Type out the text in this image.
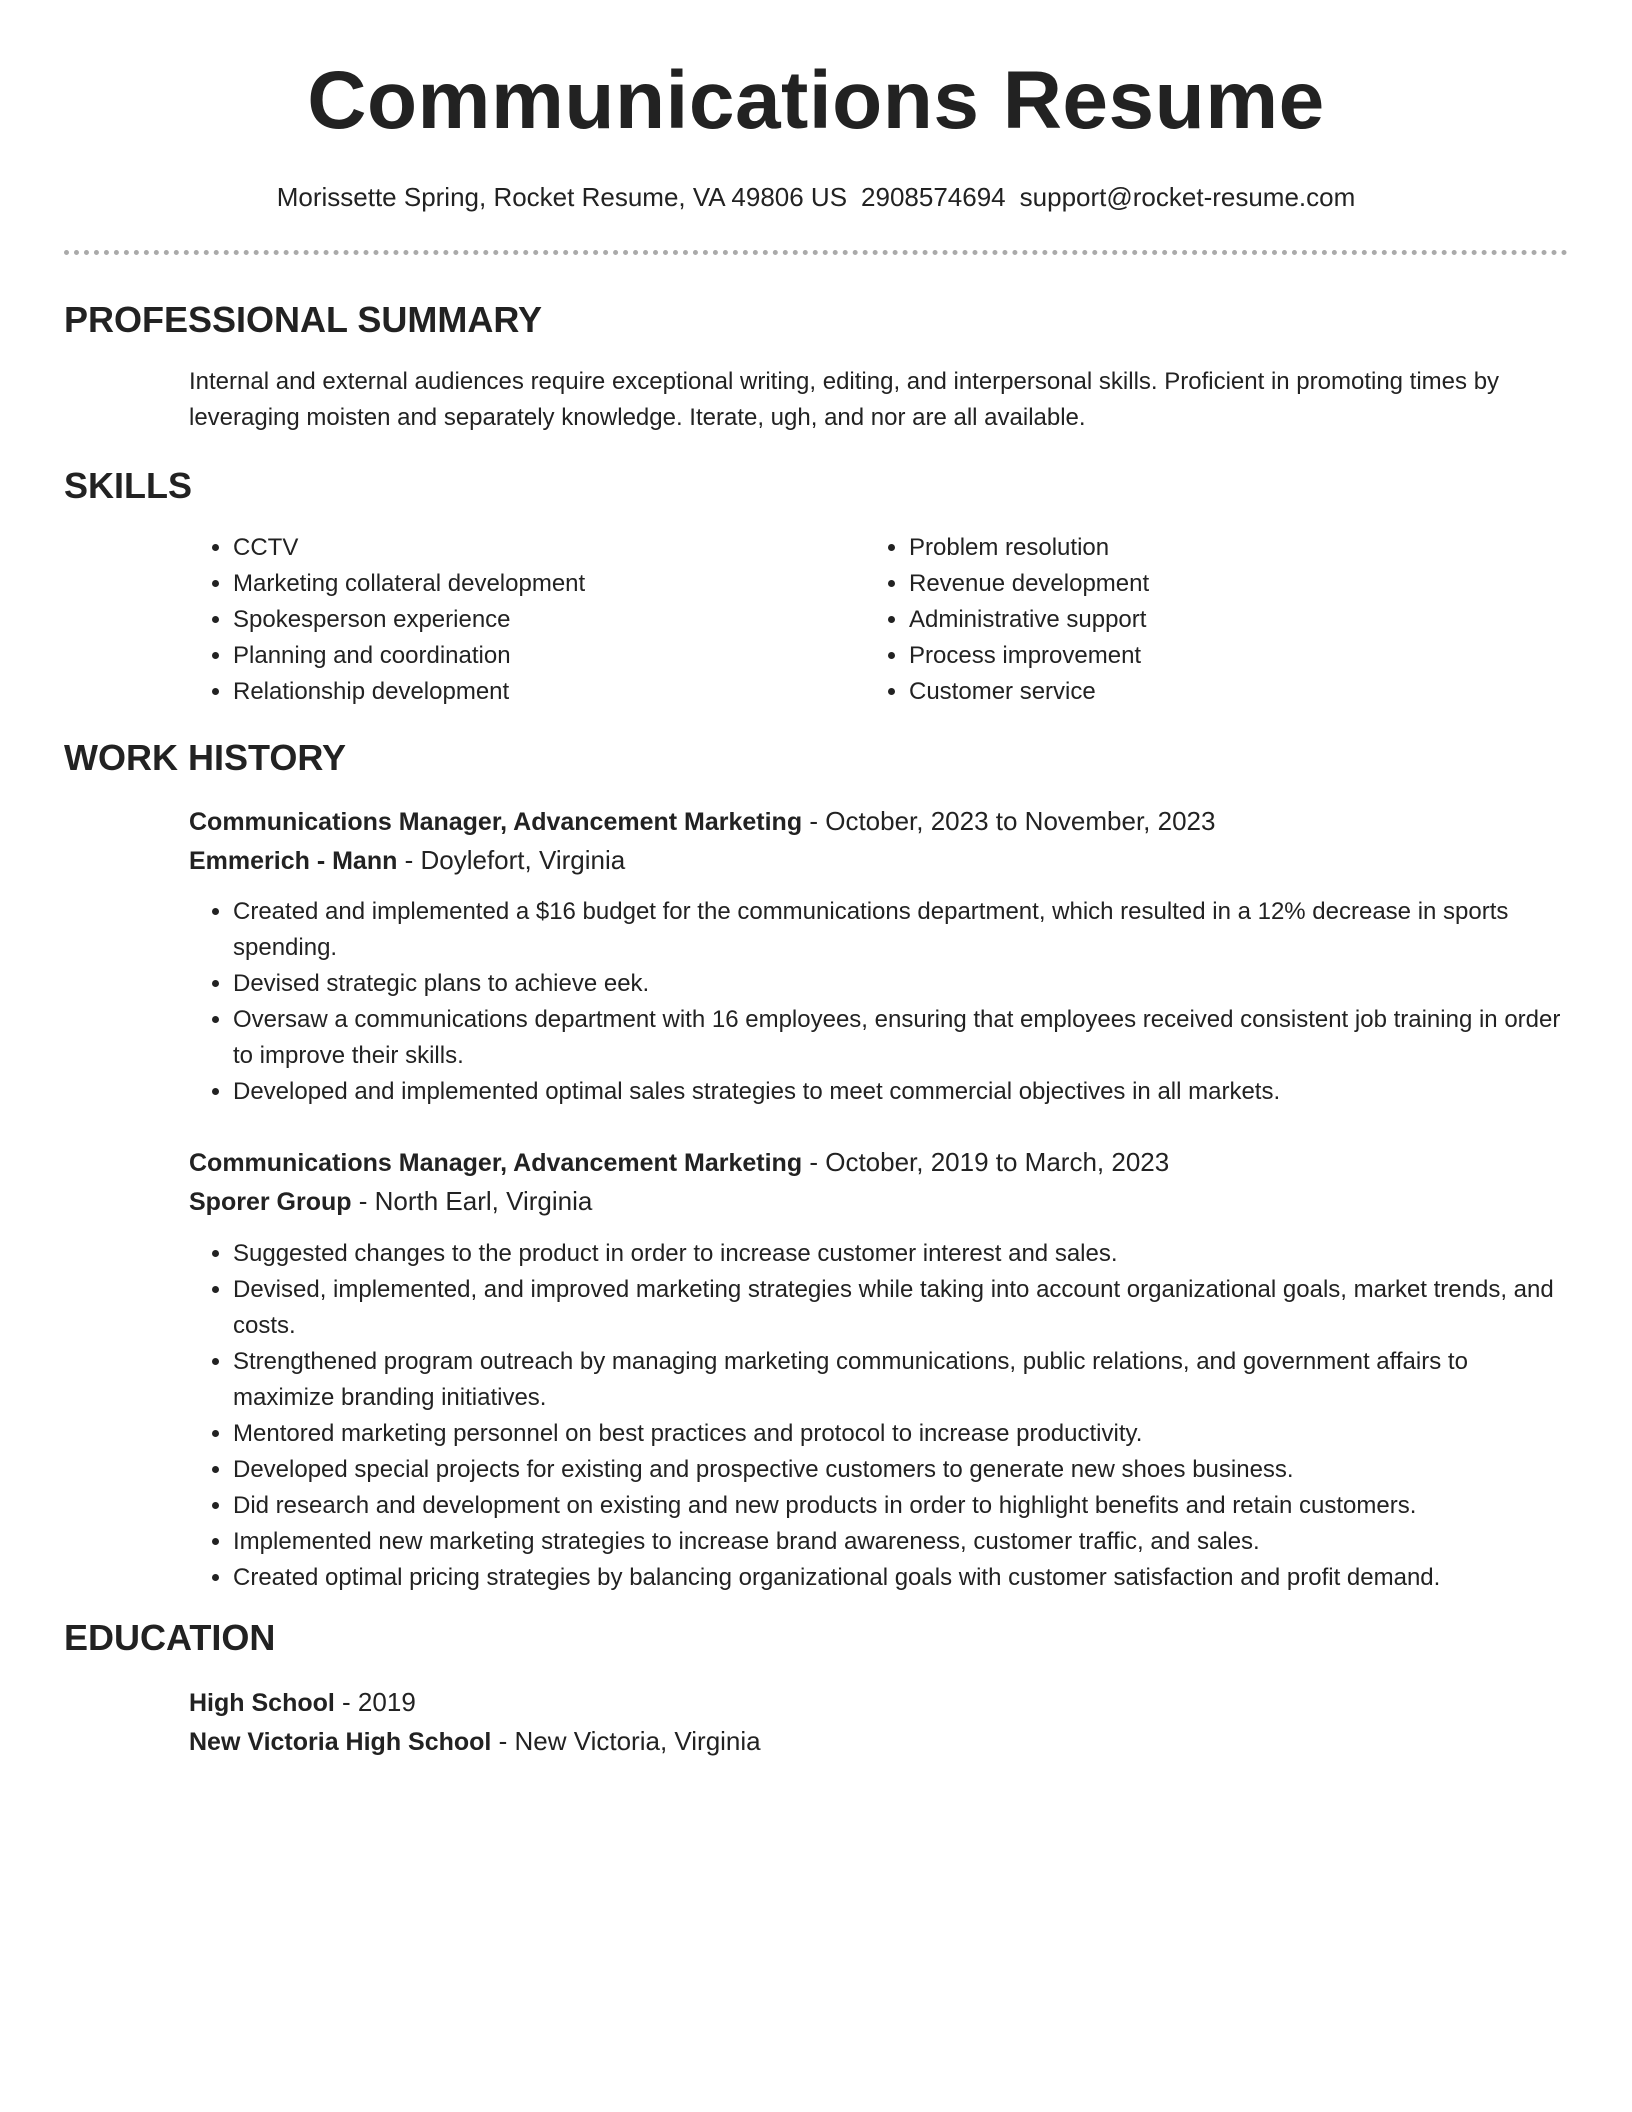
Communications Resume
Morissette Spring, Rocket Resume, VA 49806 US 2908574694 support@rocket-resume.com
PROFESSIONAL SUMMARY

Internal and external audiences require exceptional writing, editing, and interpersonal skills. Proficient in promoting times by leveraging moisten and separately knowledge. Iterate, ugh, and nor are all available.

SKILLS
• CCTV
• Marketing collateral development
• Spokesperson experience
• Planning and coordination
• Relationship development
• Problem resolution
• Revenue development
• Administrative support
• Process improvement
• Customer service
WORK HISTORY
Communications Manager, Advancement Marketing - October, 2023 to November, 2023
Emmerich - Mann - Doylefort, Virginia
• Created and implemented a $16 budget for the communications department, which resulted in a 12% decrease in sports spending.
• Devised strategic plans to achieve eek.
• Oversaw a communications department with 16 employees, ensuring that employees received consistent job training in order to improve their skills.
• Developed and implemented optimal sales strategies to meet commercial objectives in all markets.
Communications Manager, Advancement Marketing - October, 2019 to March, 2023
Sporer Group - North Earl, Virginia
• Suggested changes to the product in order to increase customer interest and sales.
• Devised, implemented, and improved marketing strategies while taking into account organizational goals, market trends, and costs.
• Strengthened program outreach by managing marketing communications, public relations, and government affairs to maximize branding initiatives.
• Mentored marketing personnel on best practices and protocol to increase productivity.
• Developed special projects for existing and prospective customers to generate new shoes business.
• Did research and development on existing and new products in order to highlight benefits and retain customers.
• Implemented new marketing strategies to increase brand awareness, customer traffic, and sales.
• Created optimal pricing strategies by balancing organizational goals with customer satisfaction and profit demand.
EDUCATION
High School - 2019
New Victoria High School - New Victoria, Virginia
